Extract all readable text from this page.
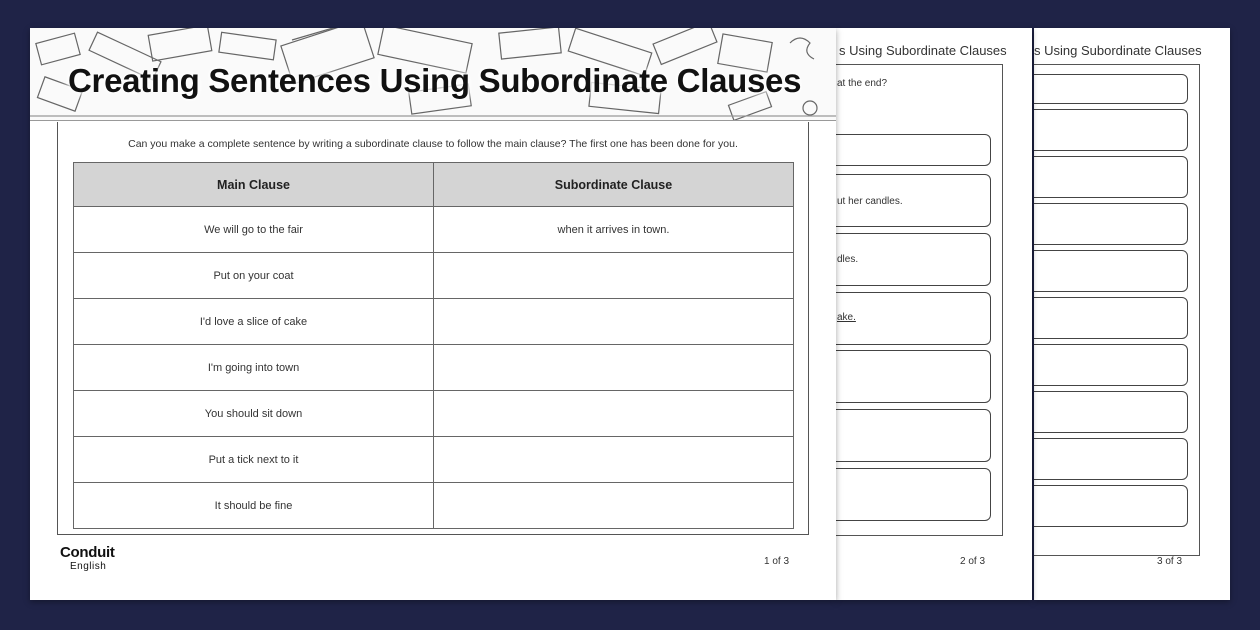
s Using Subordinate Clauses
3 of 3
s Using Subordinate Clauses
at the end?
ut her candles.
dles.
ake.
2 of 3
Creating Sentences Using Subordinate Clauses
Can you make a complete sentence by writing a subordinate clause to follow the main clause? The first one has been done for you.
Main Clause	Subordinate Clause
We will go to the fair	when it arrives in town.
Put on your coat	
I'd love a slice of cake	
I'm going into town	
You should sit down	
Put a tick next to it	
It should be fine	
Conduit
English	1 of 3
